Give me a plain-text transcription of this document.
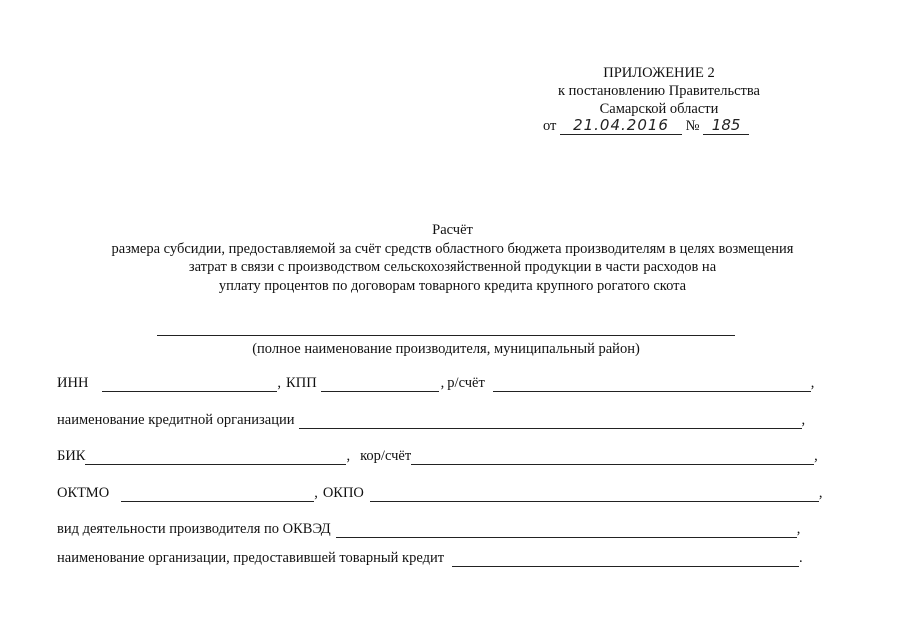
ПРИЛОЖЕНИЕ 2
к постановлению Правительства
Самарской области
от 21.04.2016 № 185
Расчёт
размера субсидии, предоставляемой за счёт средств областного бюджета производителям в целях возмещения
затрат в связи с производством сельскохозяйственной продукции в части расходов на
уплату процентов по договорам товарного кредита крупного рогатого скота
(полное наименование производителя, муниципальный район)
ИНН	, КПП	, р/счёт	,
наименование кредитной организации	,
БИК	, кор/счёт	,
ОКТМО	, ОКПО	,
вид деятельности производителя по ОКВЭД	,
наименование организации, предоставившей товарный кредит	.
